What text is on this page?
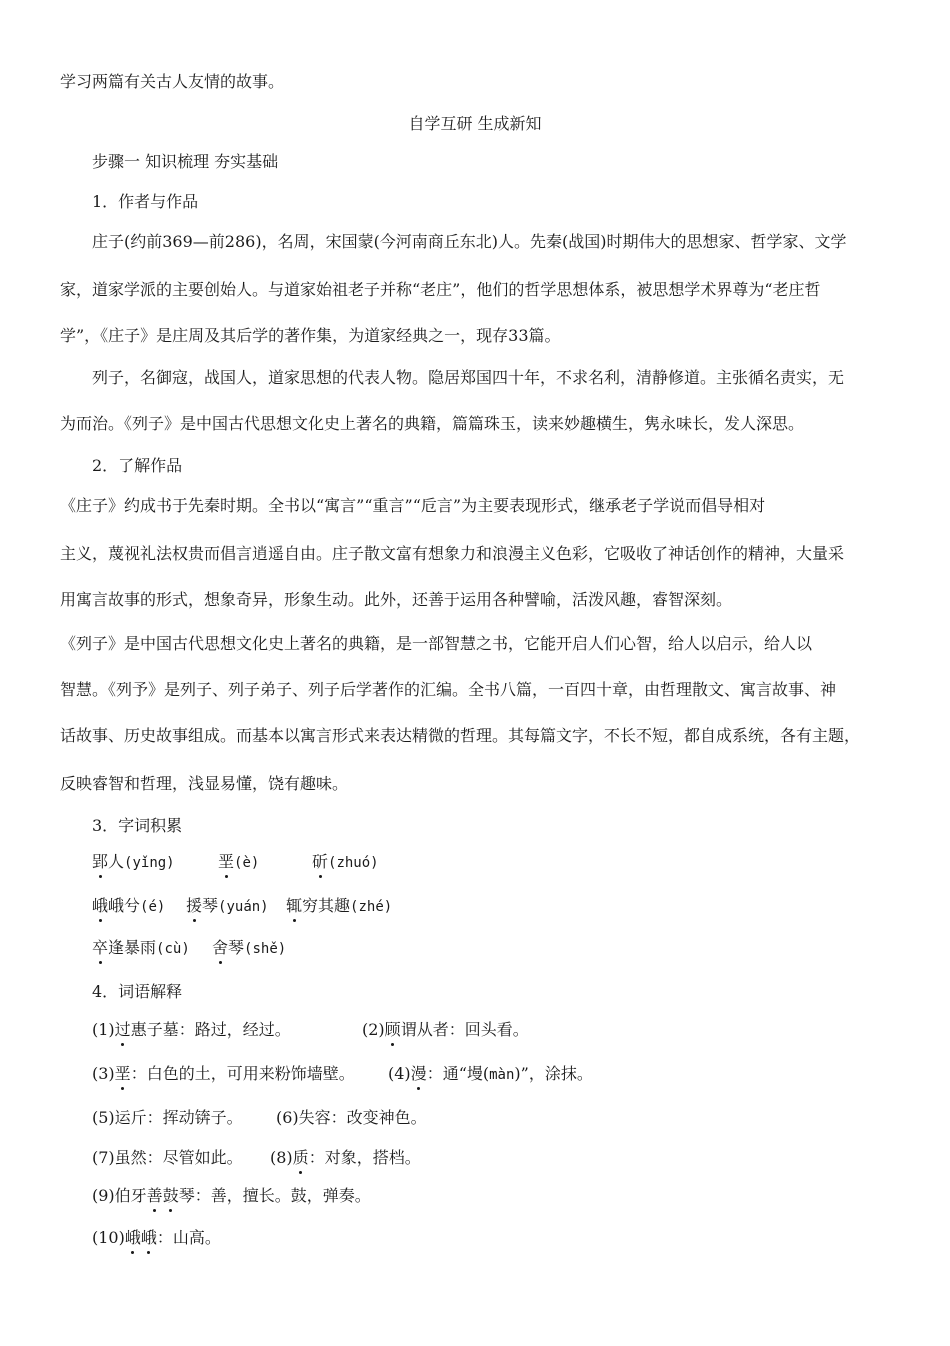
学习两篇有关古人友情的故事。
自学互研 生成新知
步骤一 知识梳理 夯实基础
1．作者与作品
庄子(约前369—前286)，名周，宋国蒙(今河南商丘东北)人。先秦(战国)时期伟大的思想家、哲学家、文学
家，道家学派的主要创始人。与道家始祖老子并称“老庄”，他们的哲学思想体系，被思想学术界尊为“老庄哲
学”，《庄子》是庄周及其后学的著作集，为道家经典之一，现存33篇。
列子，名御寇，战国人，道家思想的代表人物。隐居郑国四十年，不求名利，清静修道。主张循名责实，无
为而治。《列子》是中国古代思想文化史上著名的典籍，篇篇珠玉，读来妙趣横生，隽永味长，发人深思。
2．了解作品
《庄子》约成书于先秦时期。全书以“寓言”“重言”“卮言”为主要表现形式，继承老子学说而倡导相对
主义，蔑视礼法权贵而倡言逍遥自由。庄子散文富有想象力和浪漫主义色彩，它吸收了神话创作的精神，大量采
用寓言故事的形式，想象奇异，形象生动。此外，还善于运用各种譬喻，活泼风趣，睿智深刻。
《列子》是中国古代思想文化史上著名的典籍，是一部智慧之书，它能开启人们心智，给人以启示，给人以
智慧。《列予》是列子、列子弟子、列子后学著作的汇编。全书八篇，一百四十章，由哲理散文、寓言故事、神
话故事、历史故事组成。而基本以寓言形式来表达精微的哲理。其每篇文字，不长不短，都自成系统，各有主题，
反映睿智和哲理，浅显易懂，饶有趣味。
3．字词积累
郢人(yǐng)	垩(è)	斫(zhuó)
峨峨兮(é) 援琴(yuán) 辄穷其趣(zhé)
卒逢暴雨(cù) 舍琴(shě)
4．词语解释
(1)过惠子墓：路过，经过。	(2)顾谓从者：回头看。
(3)垩：白色的土，可用来粉饰墙壁。 (4)漫：通“墁(màn)”，涂抹。
(5)运斤：挥动锛子。 (6)失容：改变神色。
(7)虽然：尽管如此。 (8)质：对象，搭档。
(9)伯牙善鼓琴：善，擅长。鼓，弹奏。
(10)峨峨：山高。
